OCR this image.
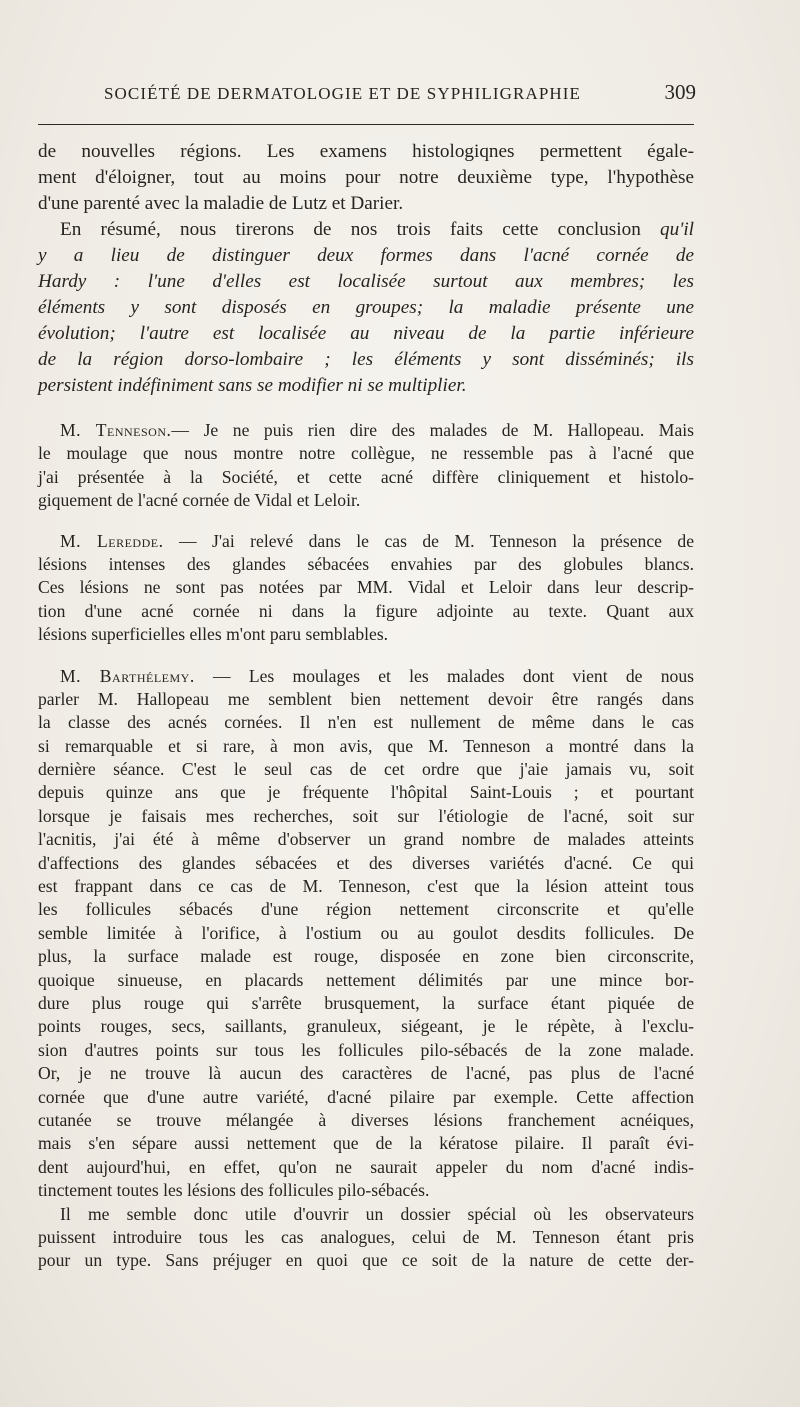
SOCIÉTÉ DE DERMATOLOGIE ET DE SYPHILIGRAPHIE	309
de nouvelles régions. Les examens histologiqnes permettent égale-
ment d'éloigner, tout au moins pour notre deuxième type, l'hypothèse
d'une parenté avec la maladie de Lutz et Darier.
En résumé, nous tirerons de nos trois faits cette conclusion qu'il
y a lieu de distinguer deux formes dans l'acné cornée de
Hardy : l'une d'elles est localisée surtout aux membres; les
éléments y sont disposés en groupes; la maladie présente une
évolution; l'autre est localisée au niveau de la partie inférieure
de la région dorso-lombaire ; les éléments y sont disséminés; ils
persistent indéfiniment sans se modifier ni se multiplier.
M. Tenneson.— Je ne puis rien dire des malades de M. Hallopeau. Mais
le moulage que nous montre notre collègue, ne ressemble pas à l'acné que
j'ai présentée à la Société, et cette acné diffère cliniquement et histolo-
giquement de l'acné cornée de Vidal et Leloir.
M. Leredde. — J'ai relevé dans le cas de M. Tenneson la présence de
lésions intenses des glandes sébacées envahies par des globules blancs.
Ces lésions ne sont pas notées par MM. Vidal et Leloir dans leur descrip-
tion d'une acné cornée ni dans la figure adjointe au texte. Quant aux
lésions superficielles elles m'ont paru semblables.
M. Barthélemy. — Les moulages et les malades dont vient de nous
parler M. Hallopeau me semblent bien nettement devoir être rangés dans
la classe des acnés cornées. Il n'en est nullement de même dans le cas
si remarquable et si rare, à mon avis, que M. Tenneson a montré dans la
dernière séance. C'est le seul cas de cet ordre que j'aie jamais vu, soit
depuis quinze ans que je fréquente l'hôpital Saint-Louis ; et pourtant
lorsque je faisais mes recherches, soit sur l'étiologie de l'acné, soit sur
l'acnitis, j'ai été à même d'observer un grand nombre de malades atteints
d'affections des glandes sébacées et des diverses variétés d'acné. Ce qui
est frappant dans ce cas de M. Tenneson, c'est que la lésion atteint tous
les follicules sébacés d'une région nettement circonscrite et qu'elle
semble limitée à l'orifice, à l'ostium ou au goulot desdits follicules. De
plus, la surface malade est rouge, disposée en zone bien circonscrite,
quoique sinueuse, en placards nettement délimités par une mince bor-
dure plus rouge qui s'arrête brusquement, la surface étant piquée de
points rouges, secs, saillants, granuleux, siégeant, je le répète, à l'exclu-
sion d'autres points sur tous les follicules pilo-sébacés de la zone malade.
Or, je ne trouve là aucun des caractères de l'acné, pas plus de l'acné
cornée que d'une autre variété, d'acné pilaire par exemple. Cette affection
cutanée se trouve mélangée à diverses lésions franchement acnéiques,
mais s'en sépare aussi nettement que de la kératose pilaire. Il paraît évi-
dent aujourd'hui, en effet, qu'on ne saurait appeler du nom d'acné indis-
tinctement toutes les lésions des follicules pilo-sébacés.
Il me semble donc utile d'ouvrir un dossier spécial où les observateurs
puissent introduire tous les cas analogues, celui de M. Tenneson étant pris
pour un type. Sans préjuger en quoi que ce soit de la nature de cette der-
